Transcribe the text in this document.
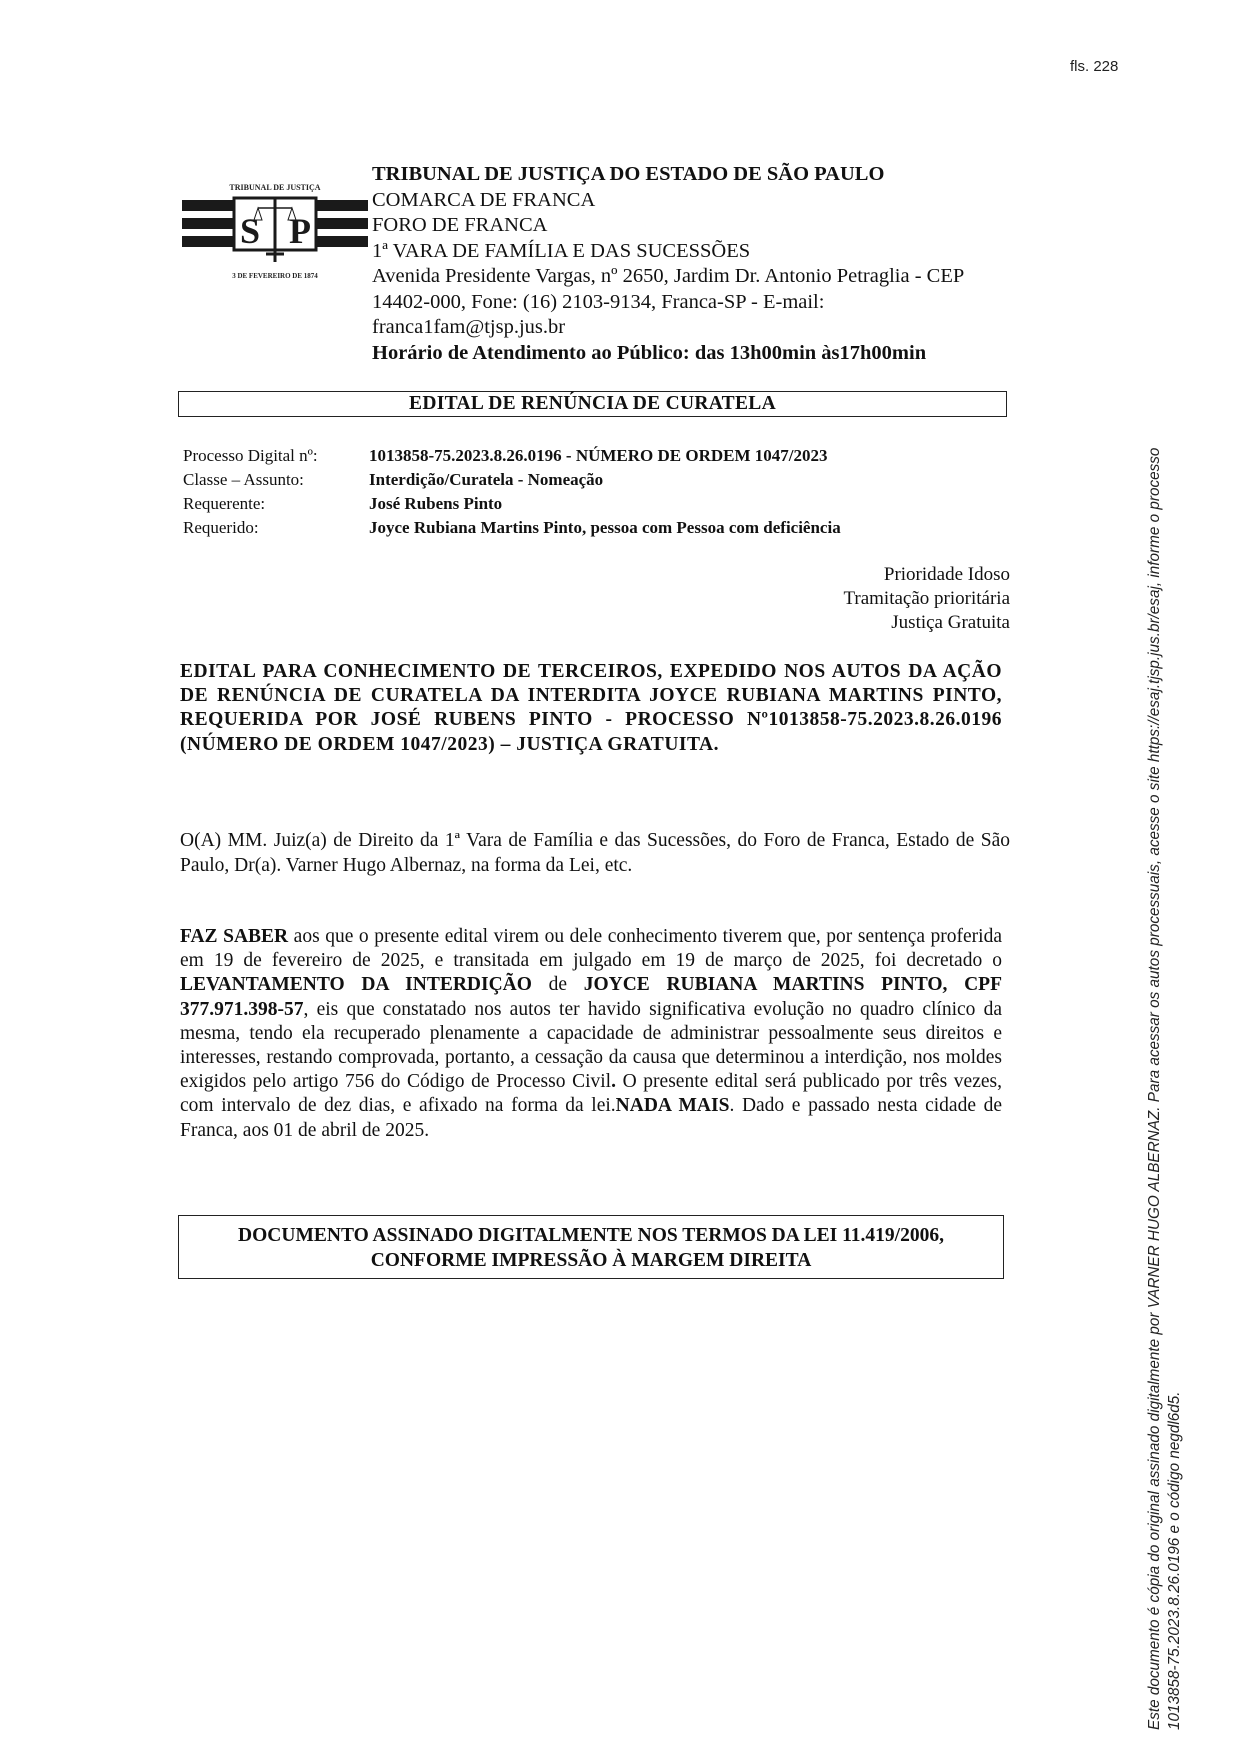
fls. 228
TRIBUNAL DE JUSTIÇA
S P
3 DE FEVEREIRO DE 1874
TRIBUNAL DE JUSTIÇA DO ESTADO DE SÃO PAULO
COMARCA DE FRANCA
FORO DE FRANCA
1ª VARA DE FAMÍLIA E DAS SUCESSÕES
Avenida Presidente Vargas, nº 2650, Jardim Dr. Antonio Petraglia - CEP
14402-000, Fone: (16) 2103-9134, Franca-SP - E-mail:
franca1fam@tjsp.jus.br
Horário de Atendimento ao Público: das 13h00min às17h00min
EDITAL DE RENÚNCIA DE CURATELA
Processo Digital nº:	1013858-75.2023.8.26.0196 - NÚMERO DE ORDEM 1047/2023
Classe – Assunto:	Interdição/Curatela - Nomeação
Requerente:	José Rubens Pinto
Requerido:	Joyce Rubiana Martins Pinto, pessoa com Pessoa com deficiência
Prioridade Idoso
Tramitação prioritária
Justiça Gratuita
EDITAL PARA CONHECIMENTO DE TERCEIROS, EXPEDIDO NOS AUTOS DA AÇÃO DE RENÚNCIA DE CURATELA DA INTERDITA JOYCE RUBIANA MARTINS PINTO, REQUERIDA POR JOSÉ RUBENS PINTO - PROCESSO Nº1013858-75.2023.8.26.0196 (NÚMERO DE ORDEM 1047/2023) – JUSTIÇA GRATUITA.
O(A) MM. Juiz(a) de Direito da 1ª Vara de Família e das Sucessões, do Foro de Franca, Estado de São Paulo, Dr(a). Varner Hugo Albernaz, na forma da Lei, etc.
FAZ SABER aos que o presente edital virem ou dele conhecimento tiverem que, por sentença proferida em 19 de fevereiro de 2025, e transitada em julgado em 19 de março de 2025, foi decretado o LEVANTAMENTO DA INTERDIÇÃO de JOYCE RUBIANA MARTINS PINTO, CPF 377.971.398-57, eis que constatado nos autos ter havido significativa evolução no quadro clínico da mesma, tendo ela recuperado plenamente a capacidade de administrar pessoalmente seus direitos e interesses, restando comprovada, portanto, a cessação da causa que determinou a interdição, nos moldes exigidos pelo artigo 756 do Código de Processo Civil. O presente edital será publicado por três vezes, com intervalo de dez dias, e afixado na forma da lei.NADA MAIS. Dado e passado nesta cidade de Franca, aos 01 de abril de 2025.
DOCUMENTO ASSINADO DIGITALMENTE NOS TERMOS DA LEI 11.419/2006,
CONFORME IMPRESSÃO À MARGEM DIREITA	Este documento é cópia do original assinado digitalmente por VARNER HUGO ALBERNAZ. Para acessar os autos processuais, acesse o site https://esaj.tjsp.jus.br/esaj, informe o processo 1013858-75.2023.8.26.0196 e o código negdl6d5.
